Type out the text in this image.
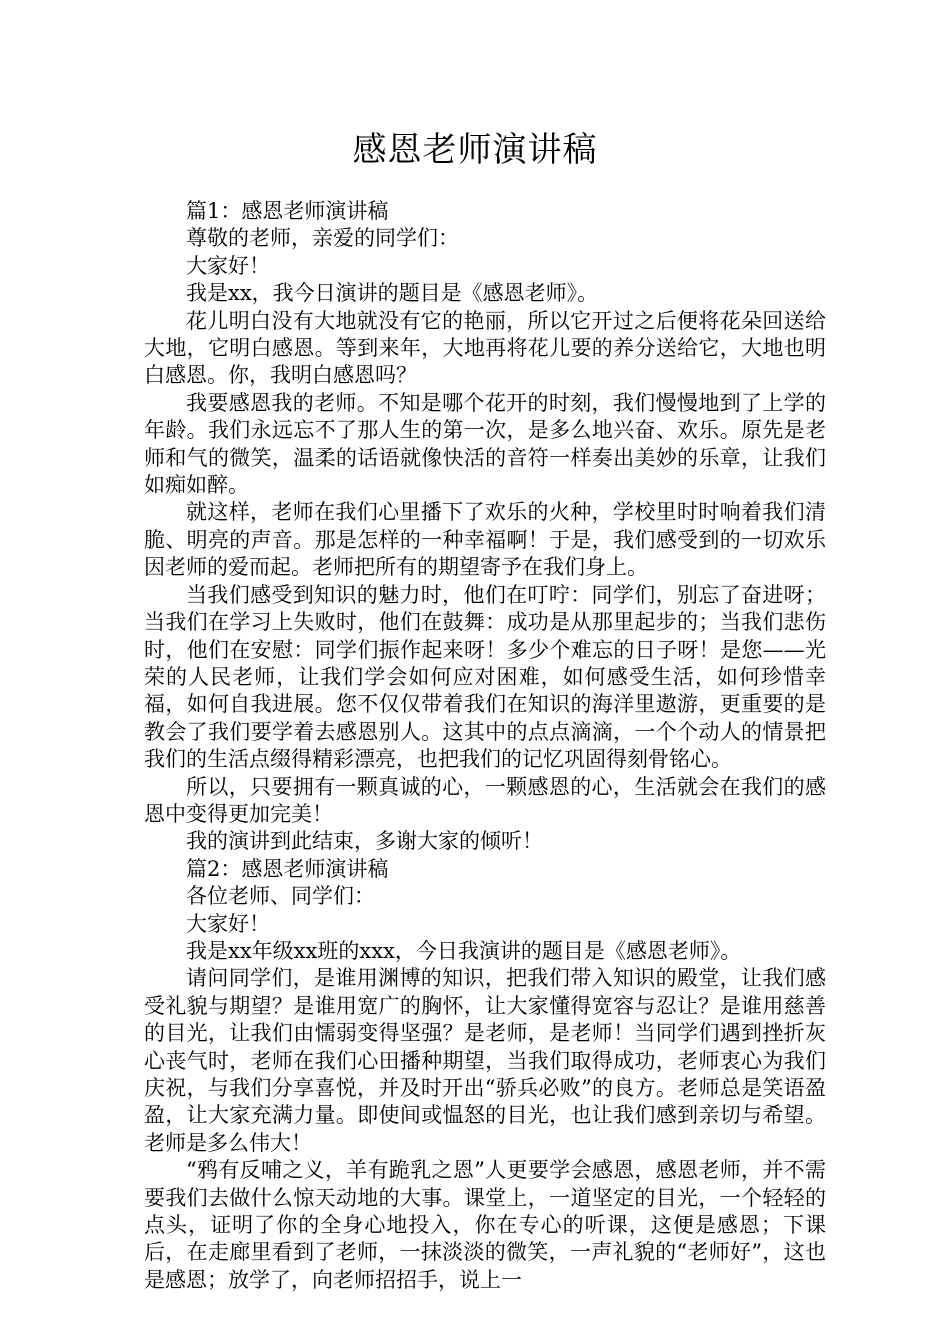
感恩老师演讲稿

篇1：感恩老师演讲稿

尊敬的老师，亲爱的同学们：

大家好！

我是xx，我今日演讲的题目是《感恩老师》。

花儿明白没有大地就没有它的艳丽，所以它开过之后便将花朵回送给大地，它明白感恩。等到来年，大地再将花儿要的养分送给它，大地也明白感恩。你，我明白感恩吗？

我要感恩我的老师。不知是哪个花开的时刻，我们慢慢地到了上学的年龄。我们永远忘不了那人生的第一次，是多么地兴奋、欢乐。原先是老师和气的微笑，温柔的话语就像快活的音符一样奏出美妙的乐章，让我们如痴如醉。

就这样，老师在我们心里播下了欢乐的火种，学校里时时响着我们清脆、明亮的声音。那是怎样的一种幸福啊！于是，我们感受到的一切欢乐因老师的爱而起。老师把所有的期望寄予在我们身上。

当我们感受到知识的魅力时，他们在叮咛：同学们，别忘了奋进呀；当我们在学习上失败时，他们在鼓舞：成功是从那里起步的；当我们悲伤时，他们在安慰：同学们振作起来呀！多少个难忘的日子呀！是您——光荣的人民老师，让我们学会如何应对困难，如何感受生活，如何珍惜幸福，如何自我进展。您不仅仅带着我们在知识的海洋里遨游，更重要的是教会了我们要学着去感恩别人。这其中的点点滴滴，一个个动人的情景把我们的生活点缀得精彩漂亮，也把我们的记忆巩固得刻骨铭心。

所以，只要拥有一颗真诚的心，一颗感恩的心，生活就会在我们的感恩中变得更加完美！

我的演讲到此结束，多谢大家的倾听！

篇2：感恩老师演讲稿

各位老师、同学们：

大家好！

我是xx年级xx班的xxx，今日我演讲的题目是《感恩老师》。

请问同学们，是谁用渊博的知识，把我们带入知识的殿堂，让我们感受礼貌与期望？是谁用宽广的胸怀，让大家懂得宽容与忍让？是谁用慈善的目光，让我们由懦弱变得坚强？是老师，是老师！当同学们遇到挫折灰心丧气时，老师在我们心田播种期望，当我们取得成功，老师衷心为我们庆祝，与我们分享喜悦，并及时开出“骄兵必败”的良方。老师总是笑语盈盈，让大家充满力量。即使间或愠怒的目光，也让我们感到亲切与希望。老师是多么伟大！

“鸦有反哺之义，羊有跪乳之恩”人更要学会感恩，感恩老师，并不需要我们去做什么惊天动地的大事。课堂上，一道坚定的目光，一个轻轻的点头，证明了你的全身心地投入，你在专心的听课，这便是感恩；下课后，在走廊里看到了老师，一抹淡淡的微笑，一声礼貌的“老师好”，这也是感恩；放学了，向老师招招手，说上一
